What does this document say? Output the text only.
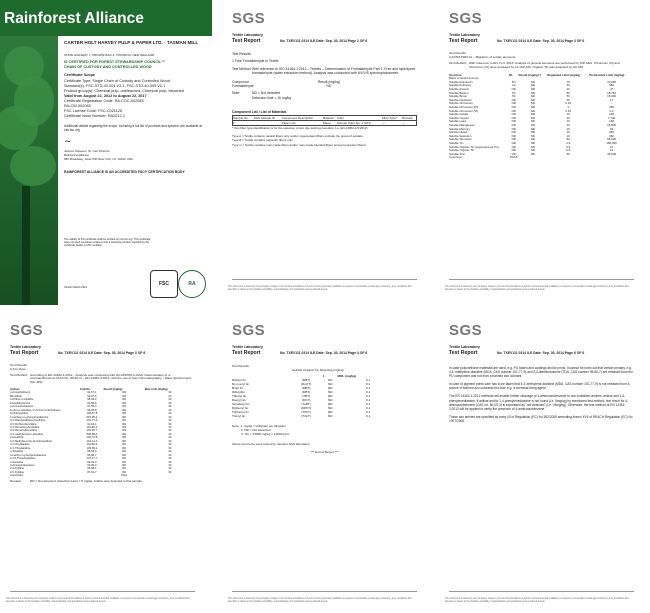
Rainforest Alliance
CARTER HOLT HARVEY PULP & PAPER LTD. - TASMAN MILL
STATE HIGHWAY 7, PRIVATE BAG 4, TOKOROA, NEW ZEALAND
IS CERTIFIED FOR FOREST STEWARDSHIP COUNCIL™
CHAIN OF CUSTODY AND CONTROLLED WOOD
Certificate Scope
Certificate Type: Single Chain of Custody and Controlled Wood
Standard(s): FSC-STD-40-004 V2-1, FSC-STD-40-005 V2-1
Product group(s): Chemical pulp, unbleached, Chemical pulp, bleached
Valid from August 22, 2012 to August 22, 2017
Certificate Registration Code: RA-COC-002083
RA-CW-002083
FSC License Code: FSC-C021126
Certificate Issue Number: RA2012-1
Additional details regarding the scope, including a full list of products and species, are available at info.fsc.org
~
Joshua Tosteson, Sr. Cert Director
Rainforest Alliance
665 Broadway, Suite 500 New York, NY 10012 USA
RAINFOREST ALLIANCE IS AN ACCREDITED FSC® CERTIFICATION BODY
The validity of this certificate shall be verified on info.fsc.org. This certificate does not itself constitute evidence that a particular product supplied by the certificate holder is FSC certified.
Version March 2012
FSC	RA
SGS
Textile Laboratory
Test Report	No. TXEV111 0314 ILE Date: Sep. 30, 2014 Page 2 OF 6
Test Results:
1 Free Formaldehyde in Textile
Test Method:	With reference to ISO 14184-1:2011 – Textiles – Determination of Formaldehyde Part 1: Free and hydrolyzed formaldehyde (water extraction method). Analysis was conducted with UV/VIS spectrophotometer.
Compound	Result (mg/kg)
Formaldehyde	ND
Note:	ND = Not detected
Detection limit = 16 mg/kg
Component List / List of Materials
Sample No.	SGS Sample ID	Component Description	Material	Color	Fiber Type*	Remark
1		Paper mat	Paper	Canvas Color No. 1 (AT1)	—	—
* Test fiber type identification is for the selection of azo dye testing procedure (i.e. EN 14362-1/3:2012)
Type A = Textile contains natural fibers only and/or regenerated fibers exclude the group of acetate.
Type B = Textile contains polyester fibers only.
Type C = Textile contains man-made fibers and/or man-made blended fibers (except polyester fibers).
This document is issued by the Company subject to its General Conditions of Service printed overleaf, available on request or accessible at www.sgs.com/terms_and_conditions.htm. Attention is drawn to the limitation of liability, indemnification and jurisdiction issues defined therein.
SGS
Textile Laboratory
Test Report	No. TXEV111 0314 ILE Date: Sep. 30, 2014 Page 3 OF 6
Test Results:
2 ASTM F963-11 – Migration of certain elements
Test Method:	With reference to EN 71-3: 2013. Analysis of general elements are performed by ICP-AES. Chromium (III) and Chromium (VI) were analysed by LC-ICP-MS. Organic Tin was analysed by GC-MS
Test Item	RL	Result (mg/kg) 1	Regulated Limit (mg/kg)	Permissible Limit (mg/kg)
Mass of tested amount				
Soluble Aluminium	5/3	ND	70	70,000
Soluble Antimony	10	ND	10	560
Soluble Arsenic	ND	ND	10	47
Soluble Barium	50	ND	50	18,750
Soluble Boron	50	ND	50	15,000
Soluble Cadmium	ND	ND	10	17
Soluble Chromium	ND	ND	0.15	--
Soluble Chromium (III)	ND	ND	1	460
Soluble Chromium (VI)	ND	ND	0.15	0.2
Soluble Cobalt	ND	ND	10	130
Soluble Copper	ND	ND	20	7,700
Soluble Lead	ND	ND	10	160
Soluble Manganese	ND	ND	10	15,000
Soluble Mercury	ND	ND	10	94
Soluble Nickel	ND	ND	10	930
Soluble Selenium	ND	ND	10	460
Soluble Strontium	ND	ND	50	56,000
Soluble Tin	ND	ND	4.9	180,000
Soluble Organic Tin (expressed as Tin)	ND	ND	4.9	12
Soluble Organic Tin	ND	ND	0.5	12
Soluble Zinc	ND	ND	50	46,000
Comment	PASS			
This document is issued by the Company subject to its General Conditions of Service printed overleaf, available on request or accessible at www.sgs.com/terms_and_conditions.htm. Attention is drawn to the limitation of liability, indemnification and jurisdiction issues defined therein.
SGS
Textile Laboratory
Test Report	No. TXEV111 0314 ILE Date: Sep. 30, 2014 Page 3 OF 6
Test Results:
3 Azo Dyes
Test Method:	According to EN 14362-1:2012 – Analysis was conducted with GC-MS/HPLC-DAD. Determination of 4-aminoazobenzene (CAS No. 60-09-3) – EN 14362-3:2012, with the use of Gas Chromatography – Mass Spectrometry (GC-MS).
Amines	CAS No.	Result (mg/kg)	Max Limit (mg/kg)
4-Aminobiphenyl	92-67-1	ND	30
Benzidine	92-87-5	ND	30
4-Chloro-o-toluidine	95-69-2	ND	30
2-Naphthylamine	91-59-8	ND	30
o-Aminoazotoluene	97-56-3	ND	30
5-nitro-o-toluidine / 2-Amino-4-nitrotoluene	99-55-8	ND	30
4-Chloroaniline	106-47-8	ND	30
4-methoxy-m-phenylenediamine	615-05-4	ND	30
4,4'-Diaminodiphenylmethane	101-77-9	ND	30
3,3'-Dichlorobenzidine	91-94-1	ND	30
3,3'-Dimethoxybenzidine	119-90-4	ND	30
3,3'-Dimethylbenzidine	119-93-7	ND	30
4,4'-methylenedi-o-toluidine	838-88-0	ND	30
p-Cresidine	120-71-8	ND	30
4,4'-Methylene-bis-(2-chloroaniline)	101-14-4	ND	30
4,4'-Oxydianiline	101-80-4	ND	30
4,4'-Thiodianiline	139-65-1	ND	30
o-Toluidine	95-53-4	ND	30
4-methyl-m-phenylenediamine	95-80-7	ND	30
2,4,5-Trimethylaniline	137-17-7	ND	30
o-Anisidine	90-04-0	ND	30
4-Aminoazobenzene	60-09-3	ND	30
2,4-Xylidine	95-68-1	ND	30
2,6-Xylidine	87-62-7	ND	30
Conclusion		Pass	
Remark:	ND = Not detected. Detection Limit = 5 mg/kg. Aniline was detected in this sample.
This document is issued by the Company subject to its General Conditions of Service printed overleaf, available on request or accessible at www.sgs.com/terms_and_conditions.htm. Attention is drawn to the limitation of liability, indemnification and jurisdiction issues defined therein.
SGS
Textile Laboratory
Test Report	No. TXEV111 0314 ILE Date: Sep. 30, 2014 Page 4 OF 6
Test Results:
Soluble Organic Tin Result(s) (mg/kg)
		1	MDL (mg/kg)
Dibutyl tin	(DBT)	ND	0.1
Di-n-octyl tin	(DnOT)	ND	0.1
Butyl tin	(MBT)	ND	0.1
Dibutyltin	(DBT)	ND	0.1
Tributyl tin	(TBT)	ND	0.1
Dioctyl tin	(DOT)	ND	0.1
Tetrabutyl tin	(TeBT)	ND	0.1
Diphenyl tin	(DPhT)	ND	0.1
Triphenyl tin	(TPhT)	ND	0.1
Triocyl tin	(TOcT)	ND	0.1
Note: 1. mg/kg = milligram per kilogram
2. ND = Not Detected
3. 1% = 10000 mg/kg = 10000 ppm
Above test items were tested by relevant SGS laboratory.
*** End of Report ***
This document is issued by the Company subject to its General Conditions of Service printed overleaf, available on request or accessible at www.sgs.com/terms_and_conditions.htm. Attention is drawn to the limitation of liability, indemnification and jurisdiction issues defined therein.
SGS
Textile Laboratory
Test Report	No. TXEV111 0314 ILE Date: Sep. 30, 2014 Page 6 OF 6

In case polyurethane materials are used, e.g. PU foams and coatings and/or prints, it cannot be ruled out that certain primary, e.g. 4,4'-methylene-dianiline (MDA, CAS number 101-77-9) and 2,4-diaminotoluene (TDA, CAS number 95-80-7) are released from the PU component and not from a banned azo colorant.

In case of pigment prints care has to be taken that 4,4'-methylene-dianiline (MDA, CAS number 101-77-9) is not released from a source of banned azo colorants but from e.g. a chemical fixing agent.

The EN 14362-1:2012 methods will enable further cleavage of 4-aminoazobenzene to non-forbidden amines: aniline and 1,4-phenylenediamine. If aniline and/or 1,4-phenylenediamine is not found (i.e. 5mg/kg) by mentioned test method, test result for 4-aminoazobenzene (CAS no. 60-09-3) is expressed as "not detected" (i.e. <5mg/kg). Otherwise, the test method of EN 14362-3:2012 will be applied to verify the presence of 4-aminoazobenzene.

These azo amines are specified by entry 43 of Regulation (EC) No 552/2009 amending Annex XVII of REACH Regulation (EC) No 1907/2006.

This document is issued by the Company subject to its General Conditions of Service printed overleaf, available on request or accessible at www.sgs.com/terms_and_conditions.htm. Attention is drawn to the limitation of liability, indemnification and jurisdiction issues defined therein.
